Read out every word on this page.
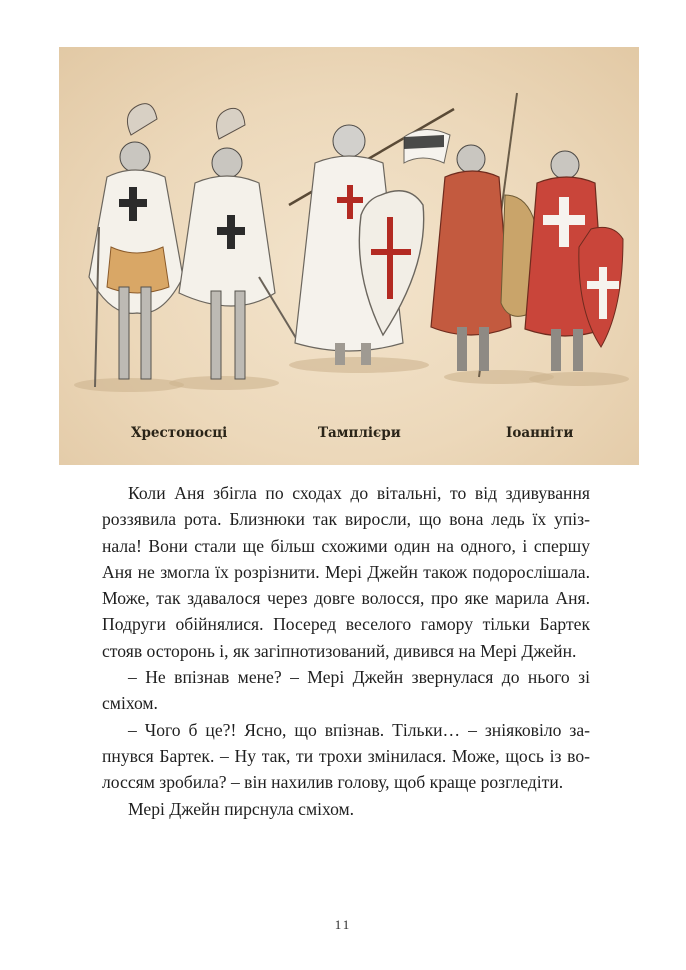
Хрестоносці	Тамплієри	Іоанніти
Коли Аня збігла по сходах до вітальні, то від здивування
роззявила рота. Близнюки так виросли, що вона ледь їх упіз-
нала! Вони стали ще більш схожими один на одного, і спершу
Аня не змогла їх розрізнити. Мері Джейн також подорослішала.
Може, так здавалося через довге волосся, про яке марила Аня.
Подруги обійнялися. Посеред веселого гамору тільки Бартек
стояв осторонь і, як загіпнотизований, дивився на Мері Джейн.
– Не впізнав мене? – Мері Джейн звернулася до нього зі
сміхом.
– Чого б це?! Ясно, що впізнав. Тільки… – зніяковіло за-
пнувся Бартек. – Ну так, ти трохи змінилася. Може, щось із во-
лоссям зробила? – він нахилив голову, щоб краще розгледіти.
Мері Джейн пирснула сміхом.
11
